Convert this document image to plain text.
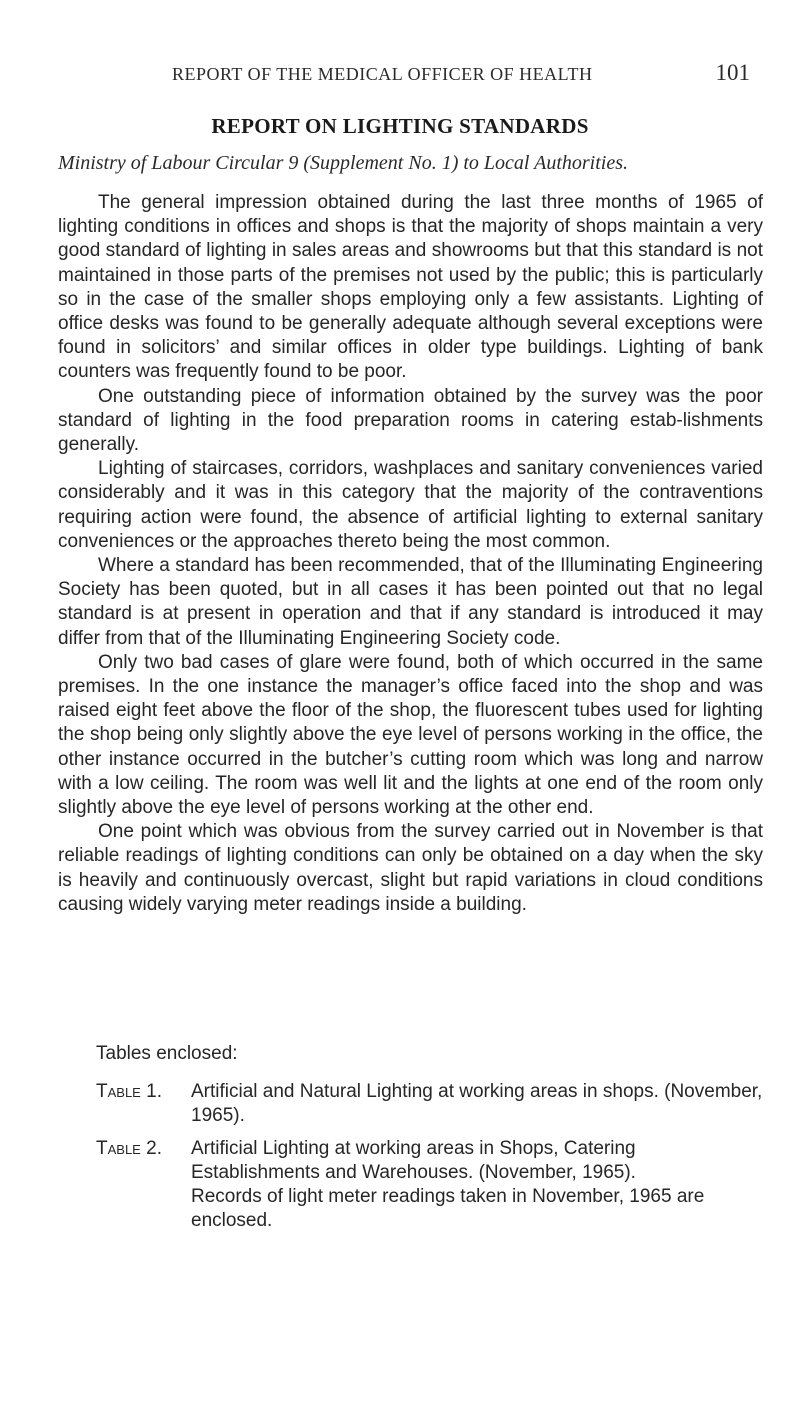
REPORT OF THE MEDICAL OFFICER OF HEALTH	101
REPORT ON LIGHTING STANDARDS
Ministry of Labour Circular 9 (Supplement No. 1) to Local Authorities.

The general impression obtained during the last three months of 1965 of lighting conditions in offices and shops is that the majority of shops maintain a very good standard of lighting in sales areas and showrooms but that this standard is not maintained in those parts of the premises not used by the public; this is particularly so in the case of the smaller shops employing only a few assistants. Lighting of office desks was found to be generally adequate although several exceptions were found in solicitors’ and similar offices in older type buildings. Lighting of bank counters was frequently found to be poor.

One outstanding piece of information obtained by the survey was the poor standard of lighting in the food preparation rooms in catering estab-lishments generally.

Lighting of staircases, corridors, washplaces and sanitary conveniences varied considerably and it was in this category that the majority of the contraventions requiring action were found, the absence of artificial lighting to external sanitary conveniences or the approaches thereto being the most common.

Where a standard has been recommended, that of the Illuminating Engineering Society has been quoted, but in all cases it has been pointed out that no legal standard is at present in operation and that if any standard is introduced it may differ from that of the Illuminating Engineering Society code.

Only two bad cases of glare were found, both of which occurred in the same premises. In the one instance the manager’s office faced into the shop and was raised eight feet above the floor of the shop, the fluorescent tubes used for lighting the shop being only slightly above the eye level of persons working in the office, the other instance occurred in the butcher’s cutting room which was long and narrow with a low ceiling. The room was well lit and the lights at one end of the room only slightly above the eye level of persons working at the other end.

One point which was obvious from the survey carried out in November is that reliable readings of lighting conditions can only be obtained on a day when the sky is heavily and continuously overcast, slight but rapid variations in cloud conditions causing widely varying meter readings inside a building.

Tables enclosed:
Table 1.	Artificial and Natural Lighting at working areas in shops. (November, 1965).
Table 2.	Artificial Lighting at working areas in Shops, Catering Establishments and Warehouses. (November, 1965).
Records of light meter readings taken in November, 1965 are enclosed.
